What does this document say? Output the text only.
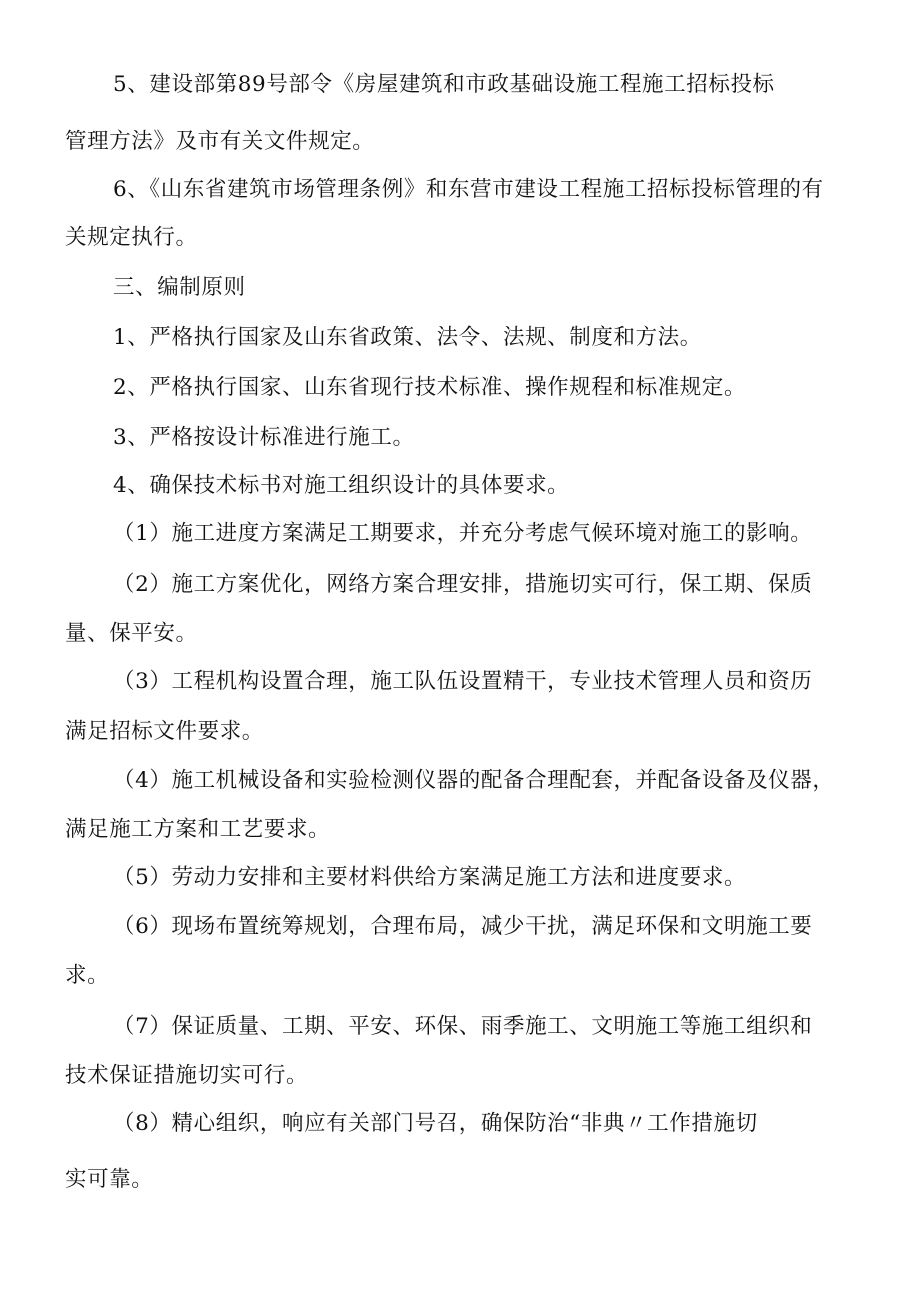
5、建设部第89号部令《房屋建筑和市政基础设施工程施工招标投标
管理方法》及市有关文件规定。
6、《山东省建筑市场管理条例》和东营市建设工程施工招标投标管理的有
关规定执行。
三、编制原则
1、严格执行国家及山东省政策、法令、法规、制度和方法。
2、严格执行国家、山东省现行技术标准、操作规程和标准规定。
3、严格按设计标准进行施工。
4、确保技术标书对施工组织设计的具体要求。
（1）施工进度方案满足工期要求，并充分考虑气候环境对施工的影响。
（2）施工方案优化，网络方案合理安排，措施切实可行，保工期、保质
量、保平安。
（3）工程机构设置合理，施工队伍设置精干，专业技术管理人员和资历
满足招标文件要求。
（4）施工机械设备和实验检测仪器的配备合理配套，并配备设备及仪器，
满足施工方案和工艺要求。
（5）劳动力安排和主要材料供给方案满足施工方法和进度要求。
（6）现场布置统筹规划，合理布局，减少干扰，满足环保和文明施工要
求。
（7）保证质量、工期、平安、环保、雨季施工、文明施工等施工组织和
技术保证措施切实可行。
（8）精心组织，响应有关部门号召，确保防治“非典〃工作措施切
实可靠。
